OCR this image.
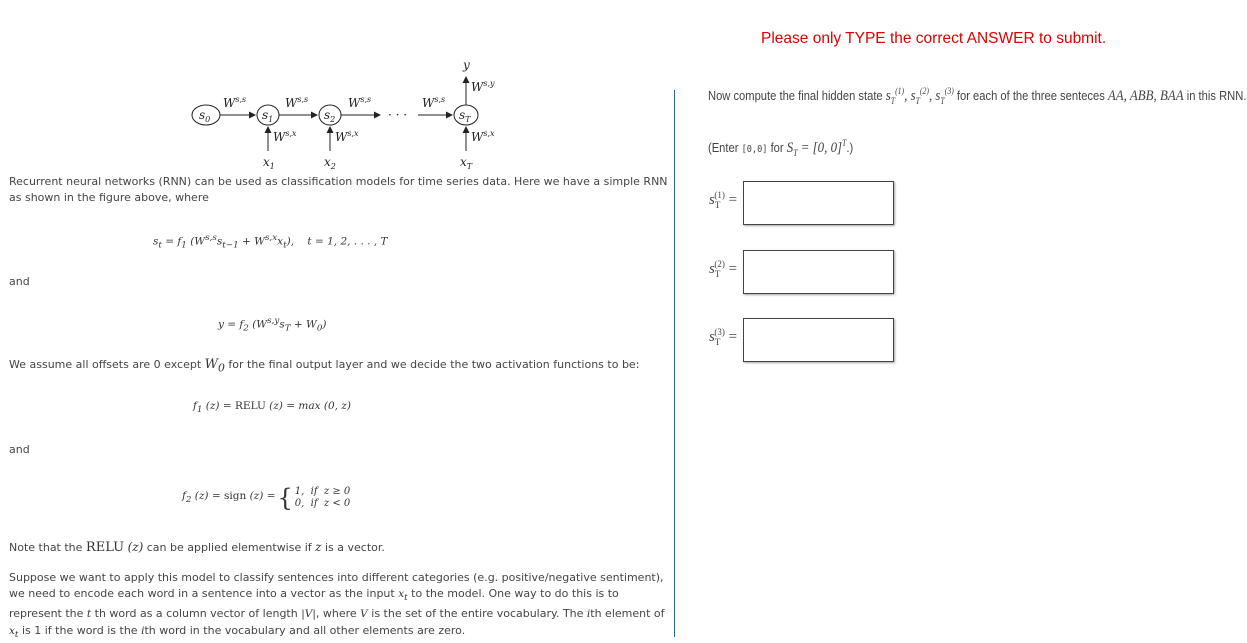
Please only TYPE the correct ANSWER to submit.
$s_0$	$s_1$	$s_2$	$s_T$
· · ·
W$^{s,s}$	W$^{s,s}$	W$^{s,s}$	W$^{s,s}$
W$^{s,x}$
$x_1$
W$^{s,x}$
$x_2$
W$^{s,x}$
$x_T$
W$^{s,y}$
y
Recurrent neural networks (RNN) can be used as classification models for time series data. Here we have a simple RNN as shown in the figure above, where
$s_t = f_1$ $(W^{s,s}s_{t-1} + W^{s,x}x_t)$,    t = 1, 2, . . . , T
and
$y = f_2$ $(W^{s,y}s_T + W_0)$
We assume all offsets are 0 except $W_0$ for the final output layer and we decide the two activation functions to be:
$f_1$ (z) = RELU (z) = max (0, z)
and
$f_2$ (z) = sign (z) = { 1,  if  z ≥ 0
0,  if  z < 0
Note that the RELU (z) can be applied elementwise if z is a vector.
Suppose we want to apply this model to classify sentences into different categories (e.g. positive/negative sentiment), we need to encode each word in a sentence into a vector as the input $x_t$ to the model. One way to do this is to represent the t th word as a column vector of length |V|, where V is the set of the entire vocabulary. The ith element of $x_t$ is 1 if the word is the ith word in the vocabulary and all other elements are zero.
Now compute the final hidden state $s_T^{(1)}$, $s_T^{(2)}$, $s_T^{(3)}$ for each of the three senteces AA, ABB, BAA in this RNN.
(Enter [0,0] for $S_T = [0$, 0]$^T$.)
$s_T^{(1)}$ =
$s_T^{(2)}$ =
$s_T^{(3)}$ =
